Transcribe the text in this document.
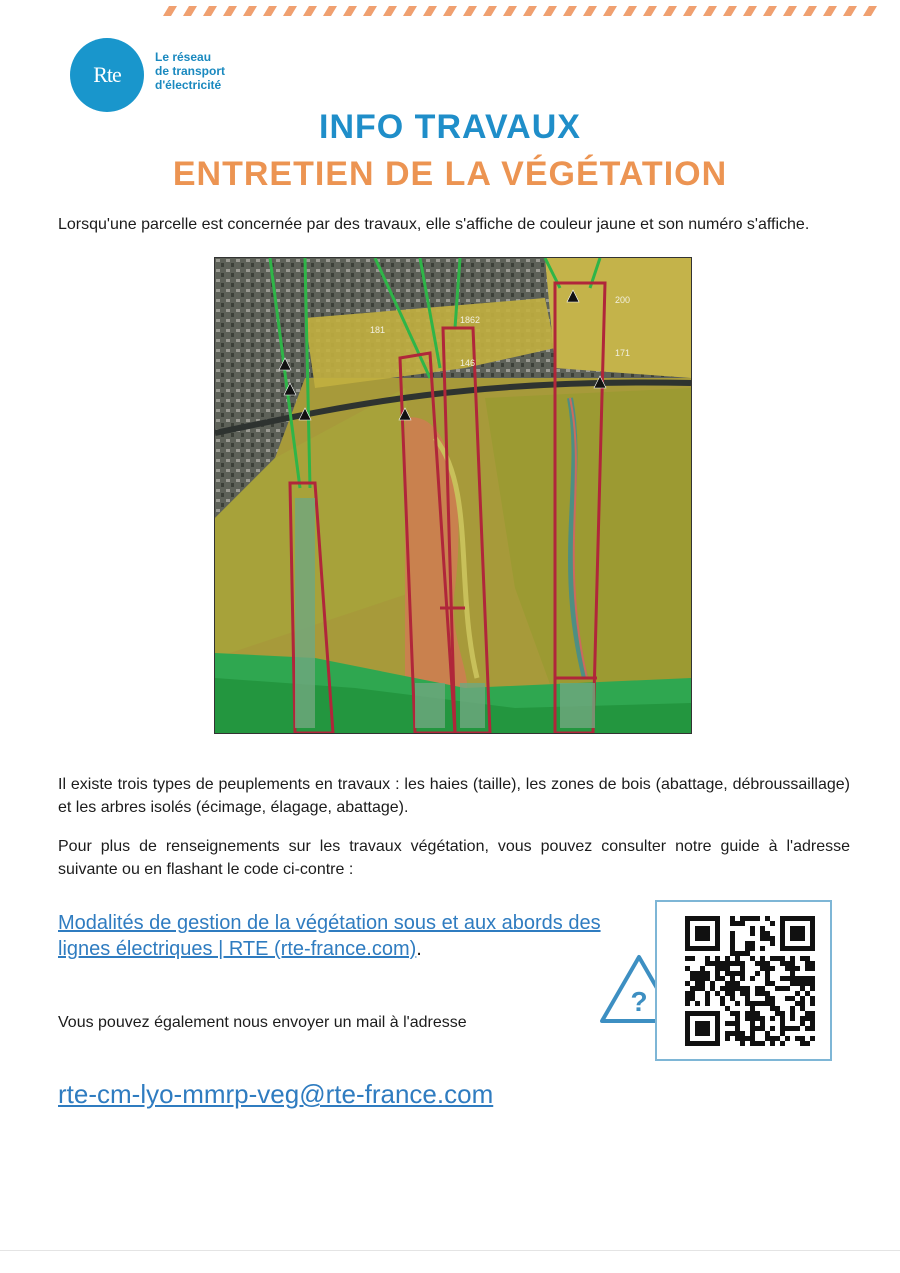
Rte
Le réseau
de transport
d'électricité
INFO TRAVAUX
ENTRETIEN DE LA VÉGÉTATION
Lorsqu'une parcelle est concernée par des travaux, elle s'affiche de couleur jaune et son numéro s'affiche.
181
1862
146
200
171
Il existe trois types de peuplements en travaux : les haies (taille), les zones de bois (abattage, débroussaillage) et les arbres isolés (écimage, élagage, abattage).
Pour plus de renseignements sur les travaux végétation, vous pouvez consulter notre guide à l'adresse suivante ou en flashant le code ci-contre :
Modalités de gestion de la végétation sous et aux abords des lignes électriques | RTE (rte-france.com).
Vous pouvez également nous envoyer un mail à l'adresse
rte-cm-lyo-mmrp-veg@rte-france.com
?
